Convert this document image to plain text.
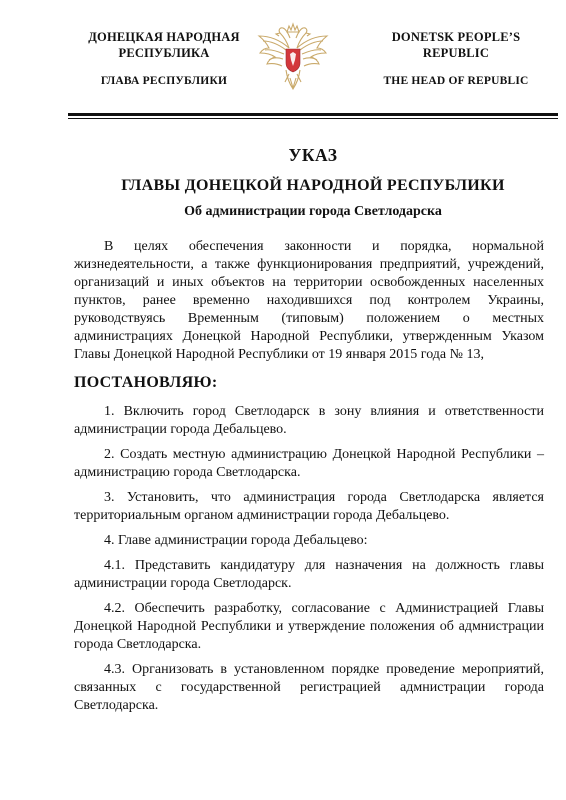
ДОНЕЦКАЯ НАРОДНАЯ РЕСПУБЛИКА
ГЛАВА РЕСПУБЛИКИ
DONETSK PEOPLE’S REPUBLIC
THE HEAD OF REPUBLIC
УКАЗ
ГЛАВЫ ДОНЕЦКОЙ НАРОДНОЙ РЕСПУБЛИКИ
Об администрации города Светлодарска
В целях обеспечения законности и порядка, нормальной жизнедеятельности, а также функционирования предприятий, учреждений, организаций и иных объектов на территории освобожденных населенных пунктов, ранее временно находившихся под контролем Украины, руководствуясь Временным (типовым) положением о местных администрациях Донецкой Народной Республики, утвержденным Указом Главы Донецкой Народной Республики от 19 января 2015 года № 13,
ПОСТАНОВЛЯЮ:

1. Включить город Светлодарск в зону влияния и ответственности администрации города Дебальцево.

2. Создать местную администрацию Донецкой Народной Республики – администрацию города Светлодарска.

3. Установить, что администрация города Светлодарска является территориальным органом администрации города Дебальцево.

4. Главе администрации города Дебальцево:

4.1. Представить кандидатуру для назначения на должность главы администрации города Светлодарск.

4.2. Обеспечить разработку, согласование с Администрацией Главы Донецкой Народной Республики и утверждение положения об адмнистрации города Светлодарска.

4.3. Организовать в установленном порядке проведение мероприятий, связанных с государственной регистрацией адмнистрации города Светлодарска.
